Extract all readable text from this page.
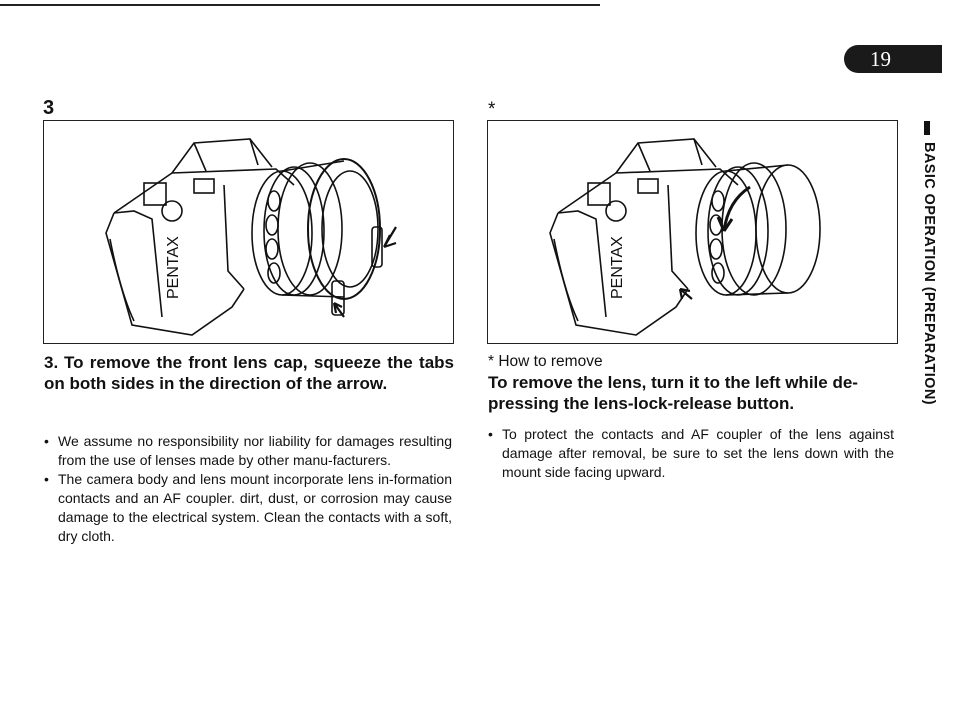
19
BASIC OPERATION (PREPARATION)
3	*
PENTAX	PENTAX
3. To remove the front lens cap, squeeze the tabs on both sides in the direction of the arrow.
• We assume no responsibility nor liability for damages resulting from the use of lenses made by other manu-facturers.
• The camera body and lens mount incorporate lens in-formation contacts and an AF coupler. dirt, dust, or corrosion may cause damage to the electrical system. Clean the contacts with a soft, dry cloth.
* How to remove
To remove the lens, turn it to the left while de-pressing the lens-lock-release button.
• To protect the contacts and AF coupler of the lens against damage after removal, be sure to set the lens down with the mount side facing upward.
